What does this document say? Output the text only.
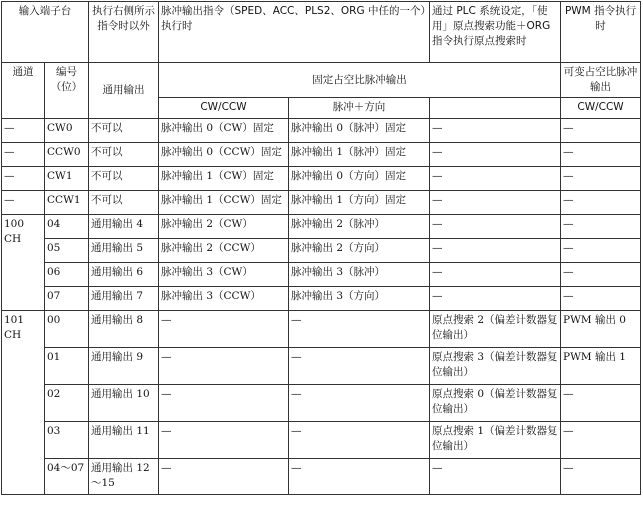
输入端子台		执行右侧所示指令时以外	脉冲输出指令（SPED、ACC、PLS2、ORG 中任的一个）执行时		通过 PLC 系统设定，「使用」原点搜索功能＋ORG 指令执行原点搜索时	PWM 指令执行时
通道	编号（位）	通用输出	固定占空比脉冲输出			可变占空比脉冲输出
			CW/CCW	脉冲＋方向		CW/CCW
—	CW0	不可以	脉冲输出 0（CW）固定	脉冲输出 0（脉冲）固定	—	—
—	CCW0	不可以	脉冲输出 0（CCW）固定	脉冲输出 1（脉冲）固定	—	—
—	CW1	不可以	脉冲输出 1（CW）固定	脉冲输出 0（方向）固定	—	—
—	CCW1	不可以	脉冲输出 1（CCW）固定	脉冲输出 1（方向）固定	—	—
100 CH	04	通用输出 4	脉冲输出 2（CW）	脉冲输出 2（脉冲）	—	—
	05	通用输出 5	脉冲输出 2（CCW）	脉冲输出 2（方向）	—	—
	06	通用输出 6	脉冲输出 3（CW）	脉冲输出 3（脉冲）	—	—
	07	通用输出 7	脉冲输出 3（CCW）	脉冲输出 3（方向）	—	—
101 CH	00	通用输出 8	—	—	原点搜索 2（偏差计数器复位输出）	PWM 输出 0
	01	通用输出 9	—	—	原点搜索 3（偏差计数器复位输出）	PWM 输出 1
	02	通用输出 10	—	—	原点搜索 0（偏差计数器复位输出）	—
	03	通用输出 11	—	—	原点搜索 1（偏差计数器复位输出）	—
	04～07	通用输出 12～15	—	—	—	—
